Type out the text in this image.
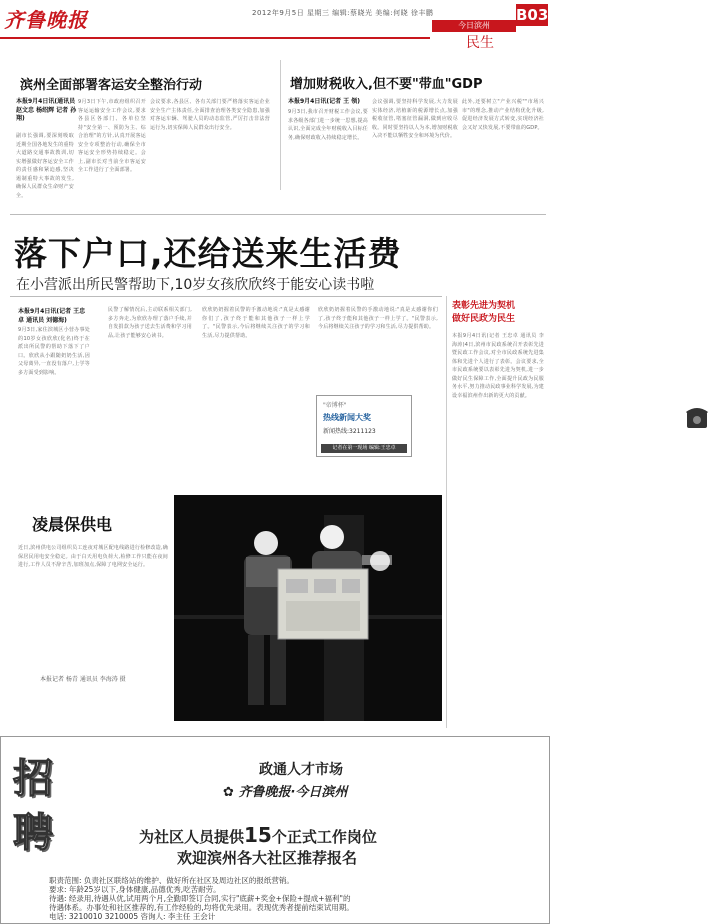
齐鲁晚报	2012年9月5日 星期三 编辑:蔡晓光 美编:何晓 徐丰鹏	B03
今日滨州
民生
滨州全面部署客运安全整治行动
本报9月4日讯(通讯员 赵文忠 杨绍辉 记者 孙 翔)
9月3日下午,市政府组织召开客运运输安全工作会议,要求各县区各部门、各单位坚持"安全第一、预防为主、综合治理"的方针,认真开展客运安全专项整治行动,确保全市客运安全形势持续稳定。会上,副市长对当前全市客运安全工作进行了全面部署。
副市长强调,要深刻吸取近期全国各地发生的重特大道路交通事故教训,切实增强做好客运安全工作的责任感和紧迫感,坚决遏制重特大事故的发生,确保人民群众生命财产安全。
会议要求,各县区、各有关部门要严格落实客运企业安全生产主体责任,全面排查治理各类安全隐患,加强对客运车辆、驾驶人员的动态监管,严厉打击非法营运行为,切实保障人民群众出行安全。
增加财税收入,但不要"带血"GDP
本报9月4日讯(记者 王 领)
9月3日,我市召开财税工作会议,要求各级各部门进一步统一思想,提高认识,全面完成全年财税收入目标任务,确保财政收入持续稳定增长。
会议强调,要坚持科学发展,大力发展实体经济,培植新的税源增长点,加强税收征管,堵塞征管漏洞,做到应收尽收。同时要坚持以人为本,增加财税收入决不能以牺牲安全和环境为代价。
此外,还要树立"产业兴税""市场兴市"的理念,推动产业结构优化升级,促进经济发展方式转变,实现经济社会又好又快发展,不要带血的GDP。
落下户口,还给送来生活费
在小营派出所民警帮助下,10岁女孩欣欣终于能安心读书啦
本报9月4日讯(记者 王忠卓 通讯员 刘德海)
9月3日,家住滨城区小营办事处的10岁女孩欣欣(化名)终于在派出所民警的帮助下落下了户口。欣欣从小跟随奶奶生活,因父母离异,一直没有落户,上学等多方面受到影响。
民警了解情况后,主动联系相关部门,多方奔走,为欣欣办理了落户手续,并自发捐款为孩子送去生活费和学习用品,让孩子能够安心读书。
欣欣奶奶握着民警的手激动地说:"真是太感谢你们了,孩子终于能和其他孩子一样上学了。"民警表示,今后将继续关注孩子的学习和生活,尽力提供帮助。
欣欣奶奶握着民警的手激动地说:"真是太感谢你们了,孩子终于能和其他孩子一样上学了。"民警表示,今后将继续关注孩子的学习和生活,尽力提供帮助。
"帝博杯"
热线新闻大奖
新闻热线:3211123
记者在第一现场 编辑:王忠卓
表彰先进为契机
做好民政为民生
本报9月4日讯(记者 王忠卓 通讯员 李海涛)4日,滨州市民政系统召开表彰先进暨民政工作会议,对全市民政系统先进集体和先进个人进行了表彰。会议要求,全市民政系统要以表彰先进为契机,进一步做好民生保障工作,全面提升民政为民服务水平,努力推动民政事业科学发展,为建设幸福滨州作出新的更大的贡献。
凌晨保供电
近日,滨州供电公司组织员工连夜对城区配电线路进行检修改造,确保居民用电安全稳定。由于白天用电负荷大,检修工作只能在夜间进行,工作人员不辞辛苦,加班加点,保障了电网安全运行。
本报记者 杨青 通讯员 李海涛 摄
招
聘
政通人才市场
✿ 齐鲁晚报·今日滨州
为社区人员提供15个正式工作岗位
欢迎滨州各大社区推荐报名
职责范围: 负责社区联络站的维护、做好所在社区及周边社区的报纸营销。
要求: 年龄25岁以下,身体健康,品德优秀,吃苦耐劳。
待遇: 经录用,待遇从优,试用两个月,全勤即签订合同,实行"底薪+奖金+保险+提成+福利"的
待遇体系。办事处和社区推荐的,有工作经验的,均将优先录用。表现优秀者提前结束试用期。
电话: 3210010 3210005 咨询人: 李主任 王会计
